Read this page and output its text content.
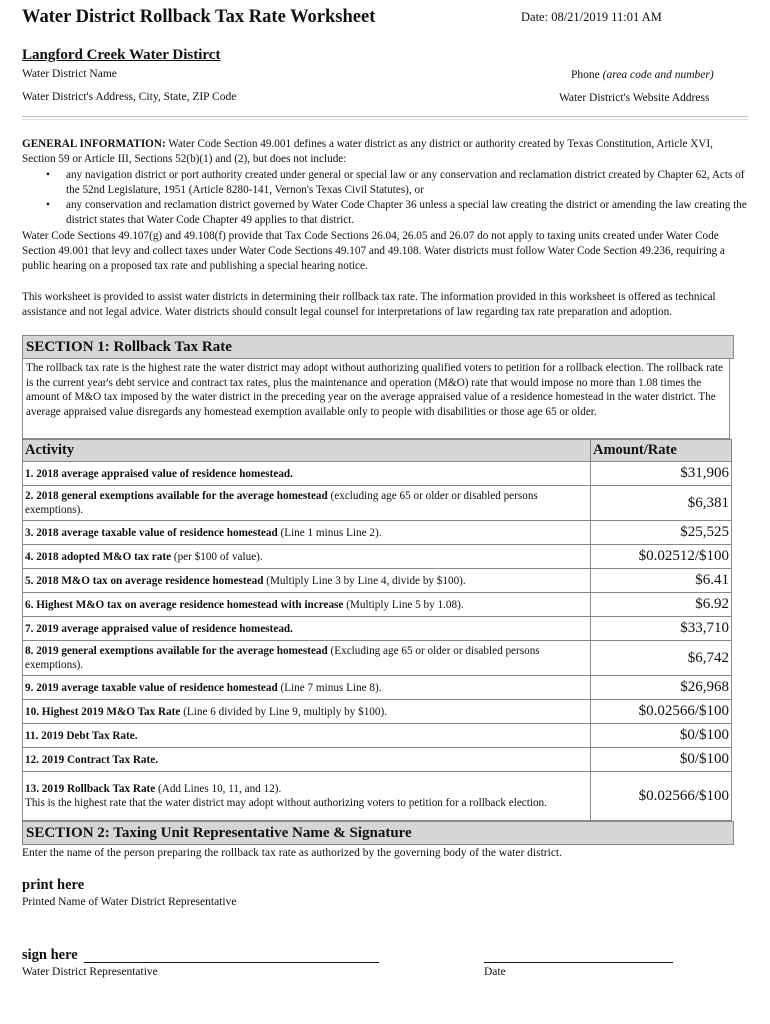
Water District Rollback Tax Rate Worksheet	Date: 08/21/2019 11:01 AM
Langford Creek Water Distirct
Water District Name	Phone (area code and number)
Water District's Address, City, State, ZIP Code	Water District's Website Address
GENERAL INFORMATION: Water Code Section 49.001 defines a water district as any district or authority created by Texas Constitution, Article XVI, Section 59 or Article III, Sections 52(b)(1) and (2), but does not include:
• any navigation district or port authority created under general or special law or any conservation and reclamation district created by Chapter 62, Acts of the 52nd Legislature, 1951 (Article 8280-141, Vernon's Texas Civil Statutes), or
• any conservation and reclamation district governed by Water Code Chapter 36 unless a special law creating the district or amending the law creating the district states that Water Code Chapter 49 applies to that district.
Water Code Sections 49.107(g) and 49.108(f) provide that Tax Code Sections 26.04, 26.05 and 26.07 do not apply to taxing units created under Water Code Section 49.001 that levy and collect taxes under Water Code Sections 49.107 and 49.108. Water districts must follow Water Code Section 49.236, requiring a public hearing on a proposed tax rate and publishing a special hearing notice.
This worksheet is provided to assist water districts in determining their rollback tax rate. The information provided in this worksheet is offered as technical assistance and not legal advice. Water districts should consult legal counsel for interpretations of law regarding tax rate preparation and adoption.
SECTION 1: Rollback Tax Rate
The rollback tax rate is the highest rate the water district may adopt without authorizing qualified voters to petition for a rollback election. The rollback rate is the current year's debt service and contract tax rates, plus the maintenance and operation (M&O) rate that would impose no more than 1.08 times the amount of M&O tax imposed by the water district in the preceding year on the average appraised value of a residence homestead in the water district. The average appraised value disregards any homestead exemption available only to people with disabilities or those age 65 or older.
Activity	Amount/Rate
1. 2018 average appraised value of residence homestead.	$31,906
2. 2018 general exemptions available for the average homestead (excluding age 65 or older or disabled persons exemptions).	$6,381
3. 2018 average taxable value of residence homestead (Line 1 minus Line 2).	$25,525
4. 2018 adopted M&O tax rate (per $100 of value).	$0.02512/$100
5. 2018 M&O tax on average residence homestead (Multiply Line 3 by Line 4, divide by $100).	$6.41
6. Highest M&O tax on average residence homestead with increase (Multiply Line 5 by 1.08).	$6.92
7. 2019 average appraised value of residence homestead.	$33,710
8. 2019 general exemptions available for the average homestead (Excluding age 65 or older or disabled persons exemptions).	$6,742
9. 2019 average taxable value of residence homestead (Line 7 minus Line 8).	$26,968
10. Highest 2019 M&O Tax Rate (Line 6 divided by Line 9, multiply by $100).	$0.02566/$100
11. 2019 Debt Tax Rate.	$0/$100
12. 2019 Contract Tax Rate.	$0/$100
13. 2019 Rollback Tax Rate (Add Lines 10, 11, and 12).
This is the highest rate that the water district may adopt without authorizing voters to petition for a rollback election.	$0.02566/$100
SECTION 2: Taxing Unit Representative Name & Signature
Enter the name of the person preparing the rollback tax rate as authorized by the governing body of the water district.
print here
Printed Name of Water District Representative
sign here
Water District Representative	Date
